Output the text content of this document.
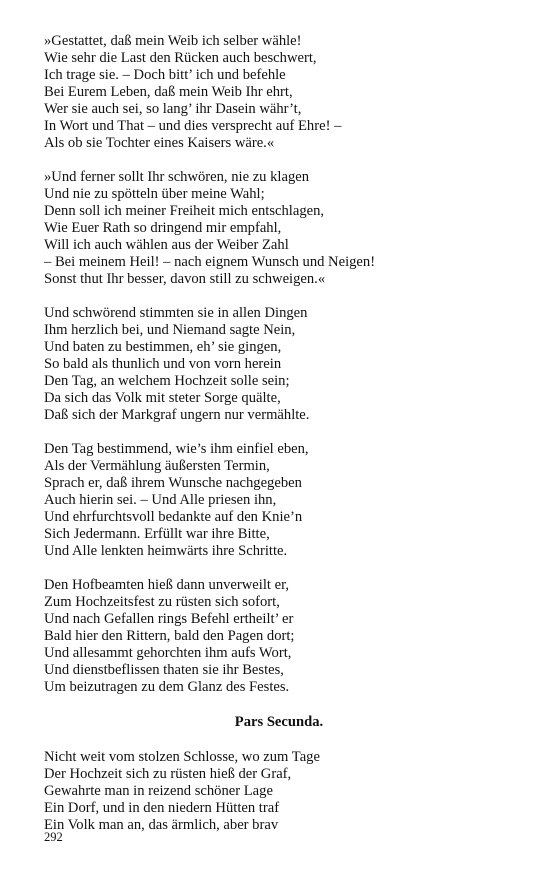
»Gestattet, daß mein Weib ich selber wähle!
Wie sehr die Last den Rücken auch beschwert,
Ich trage sie. – Doch bitt’ ich und befehle
Bei Eurem Leben, daß mein Weib Ihr ehrt,
Wer sie auch sei, so lang’ ihr Dasein währ’t,
In Wort und That – und dies versprecht auf Ehre! –
Als ob sie Tochter eines Kaisers wäre.«
»Und ferner sollt Ihr schwören, nie zu klagen
Und nie zu spötteln über meine Wahl;
Denn soll ich meiner Freiheit mich entschlagen,
Wie Euer Rath so dringend mir empfahl,
Will ich auch wählen aus der Weiber Zahl
– Bei meinem Heil! – nach eignem Wunsch und Neigen!
Sonst thut Ihr besser, davon still zu schweigen.«
Und schwörend stimmten sie in allen Dingen
Ihm herzlich bei, und Niemand sagte Nein,
Und baten zu bestimmen, eh’ sie gingen,
So bald als thunlich und von vorn herein
Den Tag, an welchem Hochzeit solle sein;
Da sich das Volk mit steter Sorge quälte,
Daß sich der Markgraf ungern nur vermählte.
Den Tag bestimmend, wie’s ihm einfiel eben,
Als der Vermählung äußersten Termin,
Sprach er, daß ihrem Wunsche nachgegeben
Auch hierin sei. – Und Alle priesen ihn,
Und ehrfurchtsvoll bedankte auf den Knie’n
Sich Jedermann. Erfüllt war ihre Bitte,
Und Alle lenkten heimwärts ihre Schritte.
Den Hofbeamten hieß dann unverweilt er,
Zum Hochzeitsfest zu rüsten sich sofort,
Und nach Gefallen rings Befehl ertheilt’ er
Bald hier den Rittern, bald den Pagen dort;
Und allesammt gehorchten ihm aufs Wort,
Und dienstbeflissen thaten sie ihr Bestes,
Um beizutragen zu dem Glanz des Festes.
Pars Secunda.
Nicht weit vom stolzen Schlosse, wo zum Tage
Der Hochzeit sich zu rüsten hieß der Graf,
Gewahrte man in reizend schöner Lage
Ein Dorf, und in den niedern Hütten traf
Ein Volk man an, das ärmlich, aber brav
292
